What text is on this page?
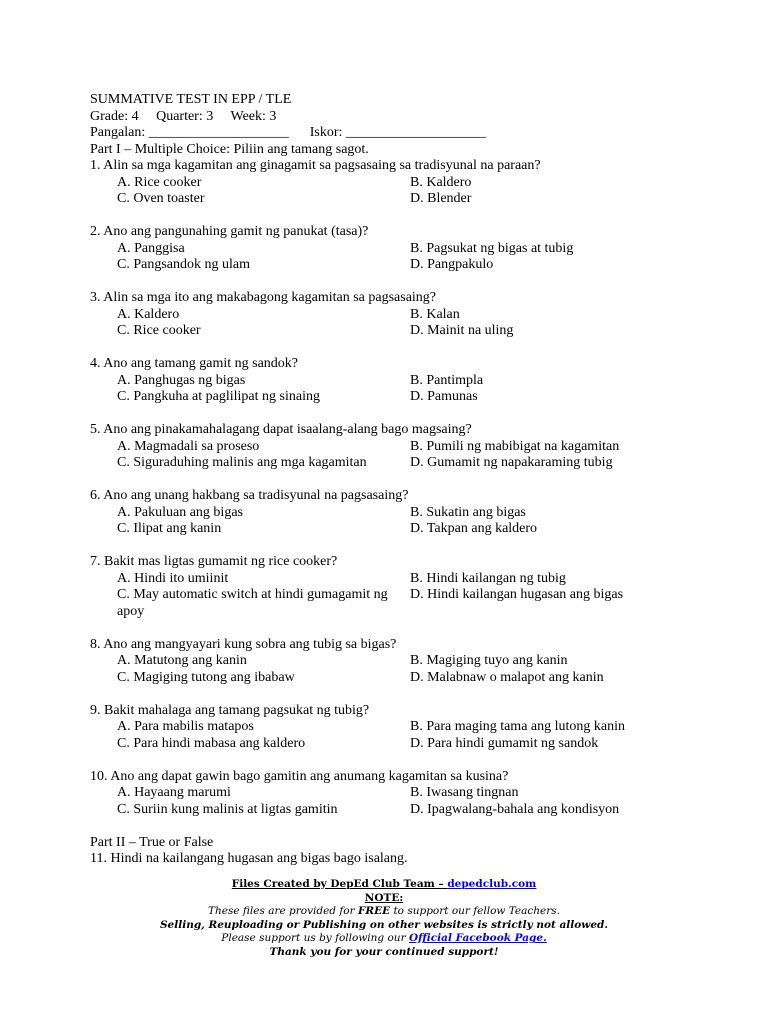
SUMMATIVE TEST IN EPP / TLE
Grade: 4     Quarter: 3     Week: 3
Pangalan: ____________________      Iskor: ____________________
Part I – Multiple Choice: Piliin ang tamang sagot.
1. Alin sa mga kagamitan ang ginagamit sa pagsasaing sa tradisyunal na paraan?
A. Rice cooker	B. Kaldero
C. Oven toaster	D. Blender
2. Ano ang pangunahing gamit ng panukat (tasa)?
A. Panggisa	B. Pagsukat ng bigas at tubig
C. Pangsandok ng ulam	D. Pangpakulo
3. Alin sa mga ito ang makabagong kagamitan sa pagsasaing?
A. Kaldero	B. Kalan
C. Rice cooker	D. Mainit na uling
4. Ano ang tamang gamit ng sandok?
A. Panghugas ng bigas	B. Pantimpla
C. Pangkuha at paglilipat ng sinaing	D. Pamunas
5. Ano ang pinakamahalagang dapat isaalang-alang bago magsaing?
A. Magmadali sa proseso	B. Pumili ng mabibigat na kagamitan
C. Siguraduhing malinis ang mga kagamitan	D. Gumamit ng napakaraming tubig
6. Ano ang unang hakbang sa tradisyunal na pagsasaing?
A. Pakuluan ang bigas	B. Sukatin ang bigas
C. Ilipat ang kanin	D. Takpan ang kaldero
7. Bakit mas ligtas gumamit ng rice cooker?
A. Hindi ito umiinit	B. Hindi kailangan ng tubig
C. May automatic switch at hindi gumagamit ng apoy
D. Hindi kailangan hugasan ang bigas
8. Ano ang mangyayari kung sobra ang tubig sa bigas?
A. Matutong ang kanin	B. Magiging tuyo ang kanin
C. Magiging tutong ang ibabaw	D. Malabnaw o malapot ang kanin
9. Bakit mahalaga ang tamang pagsukat ng tubig?
A. Para mabilis matapos	B. Para maging tama ang lutong kanin
C. Para hindi mabasa ang kaldero	D. Para hindi gumamit ng sandok
10. Ano ang dapat gawin bago gamitin ang anumang kagamitan sa kusina?
A. Hayaang marumi	B. Iwasang tingnan
C. Suriin kung malinis at ligtas gamitin	D. Ipagwalang-bahala ang kondisyon
Part II – True or False
11. Hindi na kailangang hugasan ang bigas bago isalang.
Files Created by DepEd Club Team – depedclub.com
NOTE:
These files are provided for FREE to support our fellow Teachers.
Selling, Reuploading or Publishing on other websites is strictly not allowed.
Please support us by following our Official Facebook Page.
Thank you for your continued support!
